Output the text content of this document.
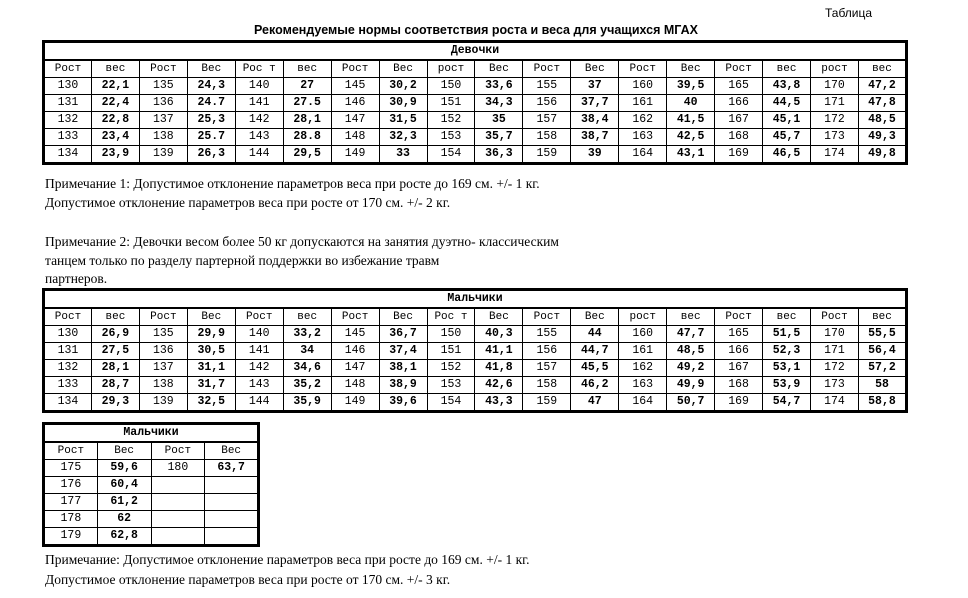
Таблица
Рекомендуемые нормы соответствия роста и веса для учащихся МГАХ
Девочки																	
Рост	вес	Рост	Вес	Рос т	вес	Рост	Вес	рост	Вес	Рост	Вес	Рост	Вес	Рост	вес	рост	вес
130	22,1	135	24,3	140	27	145	30,2	150	33,6	155	37	160	39,5	165	43,8	170	47,2
131	22,4	136	24.7	141	27.5	146	30,9	151	34,3	156	37,7	161	40	166	44,5	171	47,8
132	22,8	137	25,3	142	28,1	147	31,5	152	35	157	38,4	162	41,5	167	45,1	172	48,5
133	23,4	138	25.7	143	28.8	148	32,3	153	35,7	158	38,7	163	42,5	168	45,7	173	49,3
134	23,9	139	26,3	144	29,5	149	33	154	36,3	159	39	164	43,1	169	46,5	174	49,8
Примечание 1: Допустимое отклонение параметров веса при росте до 169 см. +/- 1 кг.
Допустимое отклонение параметров веса при росте от 170 см. +/- 2 кг.
Примечание 2: Девочки весом более 50 кг допускаются на занятия дуэтно- классическим
танцем только по разделу партерной поддержки во избежание травм
партнеров.
Мальчики																	
Рост	вес	Рост	Вес	Рост	вес	Рост	Вес	Рос т	Вес	Рост	Вес	рост	вес	Рост	вес	Рост	вес
130	26,9	135	29,9	140	33,2	145	36,7	150	40,3	155	44	160	47,7	165	51,5	170	55,5
131	27,5	136	30,5	141	34	146	37,4	151	41,1	156	44,7	161	48,5	166	52,3	171	56,4
132	28,1	137	31,1	142	34,6	147	38,1	152	41,8	157	45,5	162	49,2	167	53,1	172	57,2
133	28,7	138	31,7	143	35,2	148	38,9	153	42,6	158	46,2	163	49,9	168	53,9	173	58
134	29,3	139	32,5	144	35,9	149	39,6	154	43,3	159	47	164	50,7	169	54,7	174	58,8
Мальчики			
Рост	Вес	Рост	Вес
175	59,6	180	63,7
176	60,4		
177	61,2		
178	62		
179	62,8		
Примечание: Допустимое отклонение параметров веса при росте до 169 см. +/- 1 кг.
Допустимое отклонение параметров веса при росте от 170 см. +/- 3 кг.
